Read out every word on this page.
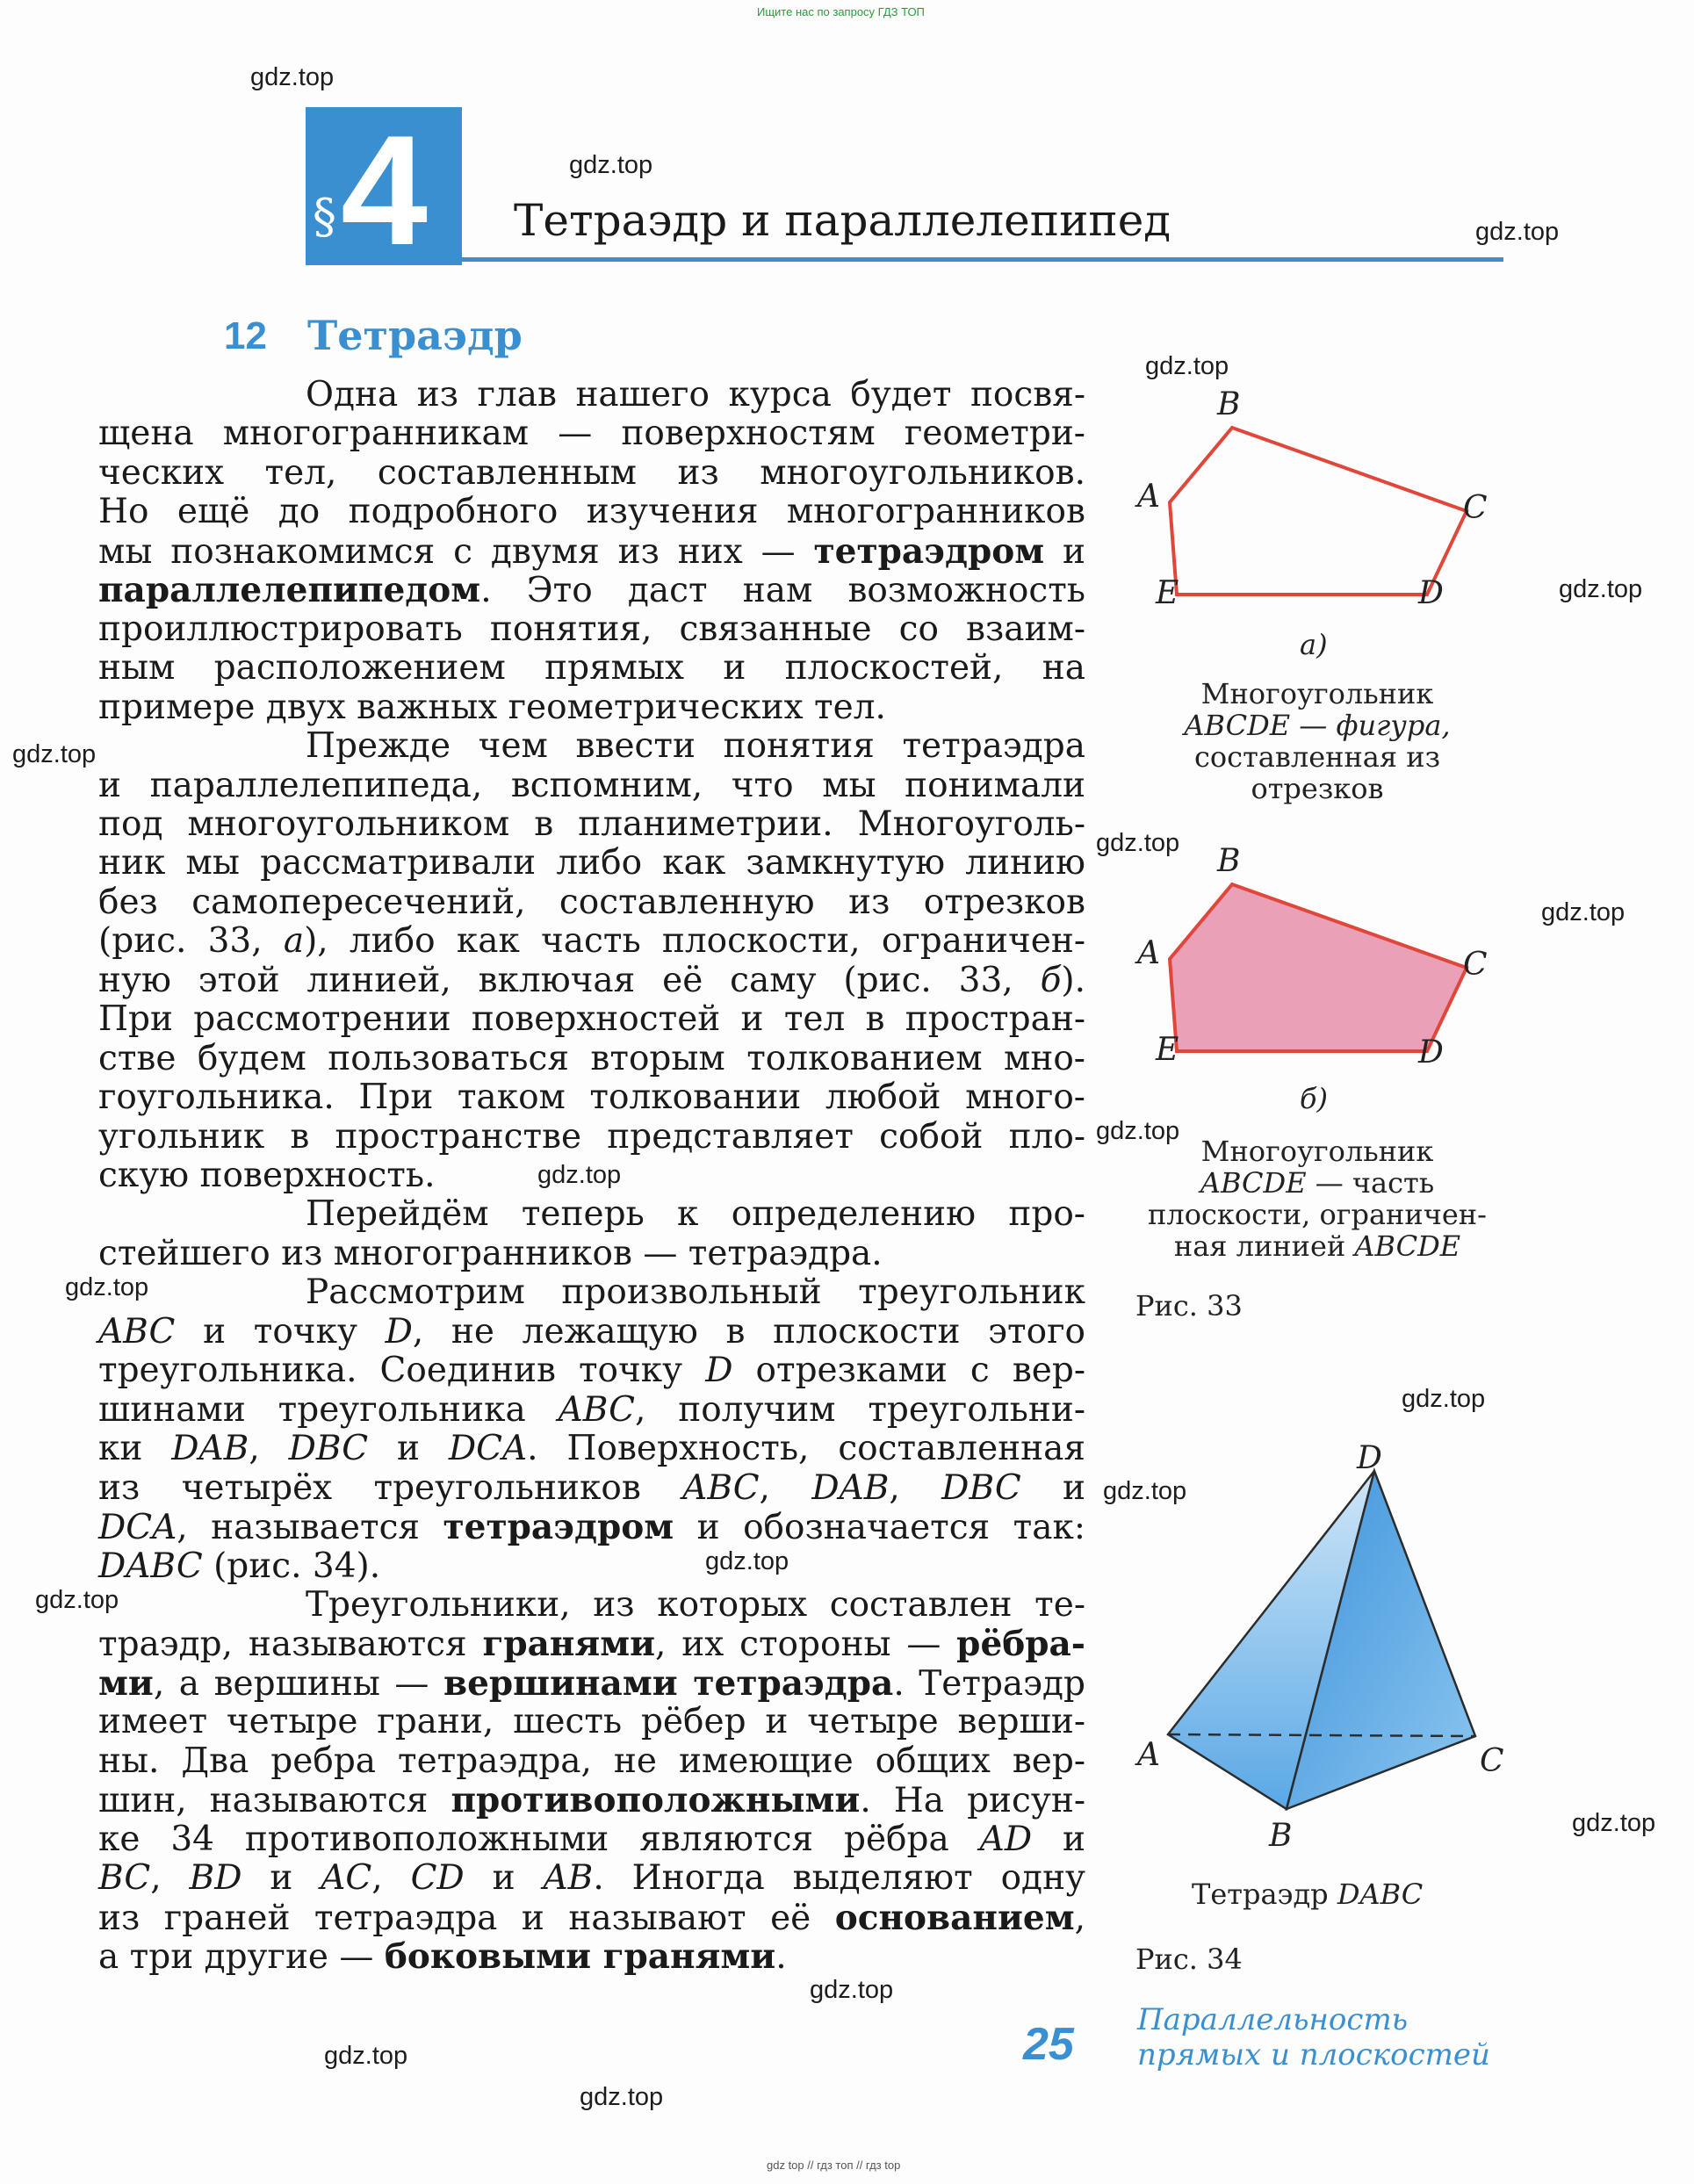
Ищите нас по запросу ГДЗ ТОП
gdz top // гдз топ // гдз top
gdz.top
gdz.top
gdz.top
gdz.top
gdz.top
gdz.top
gdz.top
gdz.top
gdz.top
gdz.top
gdz.top
gdz.top
gdz.top
gdz.top
gdz.top
gdz.top
gdz.top
gdz.top
gdz.top
§ 4 Тетраэдр и параллелепипед
12 Тетраэдр
Одна из глав нашего курса будет посвя-
щена многогранникам — поверхностям геометри-
ческих тел, составленным из многоугольников.
Но ещё до подробного изучения многогранников
мы познакомимся с двумя из них — тетраэдром и
параллелепипедом. Это даст нам возможность
проиллюстрировать понятия, связанные со взаим-
ным расположением прямых и плоскостей, на
примере двух важных геометрических тел.
Прежде чем ввести понятия тетраэдра
и параллелепипеда, вспомним, что мы понимали
под многоугольником в планиметрии. Многоуголь-
ник мы рассматривали либо как замкнутую линию
без самопересечений, составленную из отрезков
(рис. 33, а), либо как часть плоскости, ограничен-
ную этой линией, включая её саму (рис. 33, б).
При рассмотрении поверхностей и тел в простран-
стве будем пользоваться вторым толкованием мно-
гоугольника. При таком толковании любой много-
угольник в пространстве представляет собой пло-
скую поверхность.
Перейдём теперь к определению про-
стейшего из многогранников — тетраэдра.
Рассмотрим произвольный треугольник
ABC и точку D, не лежащую в плоскости этого
треугольника. Соединив точку D отрезками с вер-
шинами треугольника ABC, получим треугольни-
ки DAB, DBC и DCA. Поверхность, составленная
из четырёх треугольников ABC, DAB, DBC и
DCA, называется тетраэдром и обозначается так:
DABC (рис. 34).
Треугольники, из которых составлен те-
траэдр, называются гранями, их стороны — рёбра-
ми, а вершины — вершинами тетраэдра. Тетраэдр
имеет четыре грани, шесть рёбер и четыре верши-
ны. Два ребра тетраэдра, не имеющие общих вер-
шин, называются противоположными. На рисун-
ке 34 противоположными являются рёбра AD и
BC, BD и AC, CD и AB. Иногда выделяют одну
из граней тетраэдра и называют её основанием,
а три другие — боковыми гранями.
B
A	C
E	D
а)
Многоугольник
ABCDE — фигура,
составленная из
отрезков
B
A	C
E	D
б)
Многоугольник
ABCDE — часть
плоскости, ограничен-
ная линией ABCDE
Рис. 33
D
A	C
B
Тетраэдр DABC
Рис. 34
25 Параллельность
прямых и плоскостей
